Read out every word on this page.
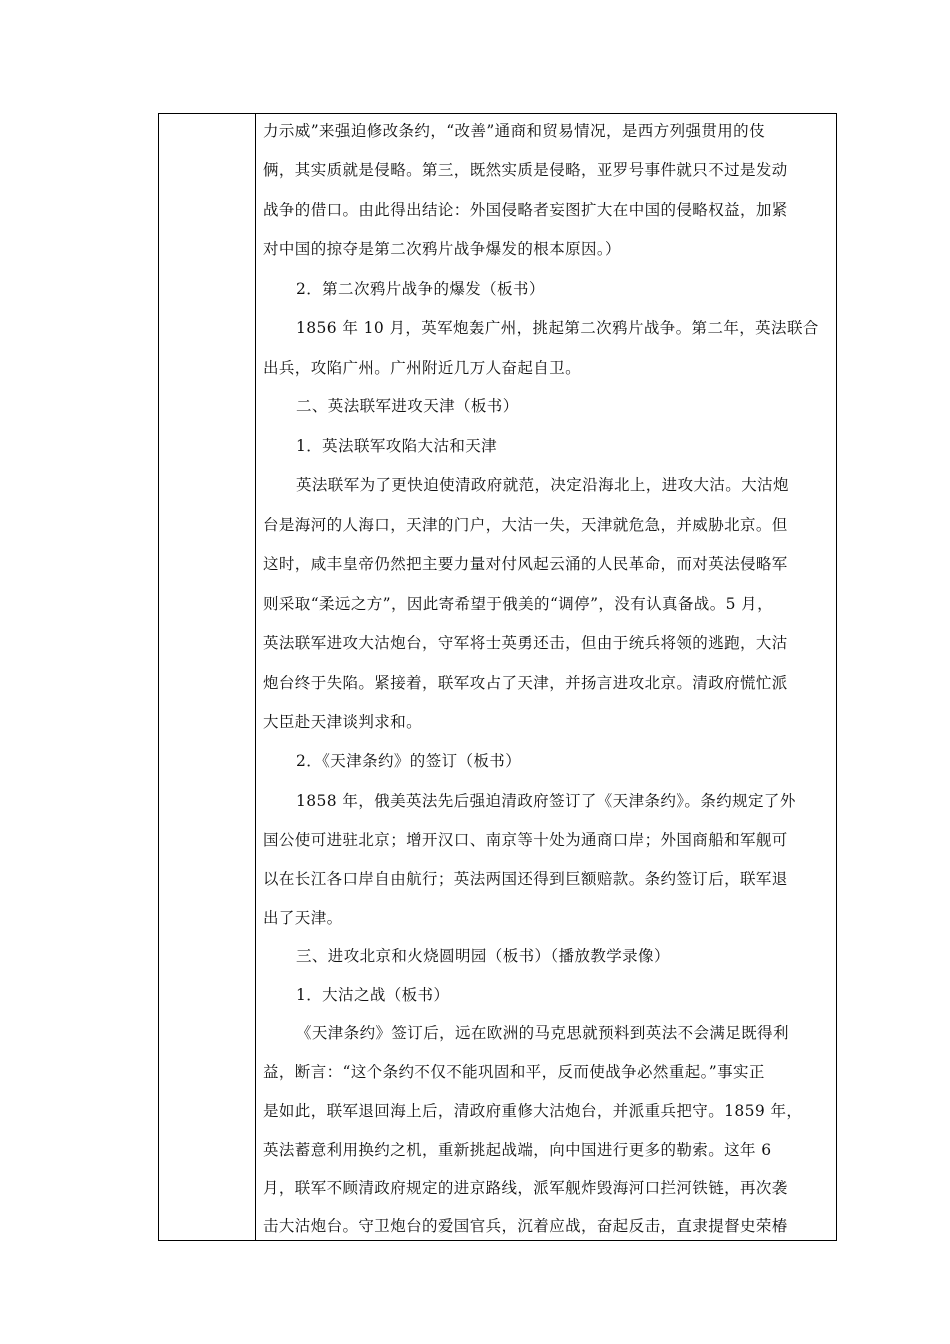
力示威”来强迫修改条约，“改善”通商和贸易情况，是西方列强贯用的伎
俩，其实质就是侵略。第三，既然实质是侵略，亚罗号事件就只不过是发动
战争的借口。由此得出结论：外国侵略者妄图扩大在中国的侵略权益，加紧
对中国的掠夺是第二次鸦片战争爆发的根本原因。）
2．第二次鸦片战争的爆发（板书）
1856 年 10 月，英军炮轰广州，挑起第二次鸦片战争。第二年，英法联合
出兵，攻陷广州。广州附近几万人奋起自卫。
二、英法联军进攻天津（板书）
1．英法联军攻陷大沽和天津
英法联军为了更快迫使清政府就范，决定沿海北上，进攻大沽。大沽炮
台是海河的人海口，天津的门户，大沽一失，天津就危急，并威胁北京。但
这时，咸丰皇帝仍然把主要力量对付风起云涌的人民革命，而对英法侵略军
则采取“柔远之方”，因此寄希望于俄美的“调停”，没有认真备战。5 月，
英法联军进攻大沽炮台，守军将士英勇还击，但由于统兵将领的逃跑，大沽
炮台终于失陷。紧接着，联军攻占了天津，并扬言进攻北京。清政府慌忙派
大臣赴天津谈判求和。
2．《天津条约》的签订（板书）
1858 年，俄美英法先后强迫清政府签订了《天津条约》。条约规定了外
国公使可进驻北京；增开汉口、南京等十处为通商口岸；外国商船和军舰可
以在长江各口岸自由航行；英法两国还得到巨额赔款。条约签订后，联军退
出了天津。
三、进攻北京和火烧圆明园（板书）（播放教学录像）
1．大沽之战（板书）
《天津条约》签订后，远在欧洲的马克思就预料到英法不会满足既得利
益，断言：“这个条约不仅不能巩固和平，反而使战争必然重起。”事实正
是如此，联军退回海上后，清政府重修大沽炮台，并派重兵把守。1859 年，
英法蓄意利用换约之机，重新挑起战端，向中国进行更多的勒索。这年 6
月，联军不顾清政府规定的进京路线，派军舰炸毁海河口拦河铁链，再次袭
击大沽炮台。守卫炮台的爱国官兵，沉着应战，奋起反击，直隶提督史荣椿
